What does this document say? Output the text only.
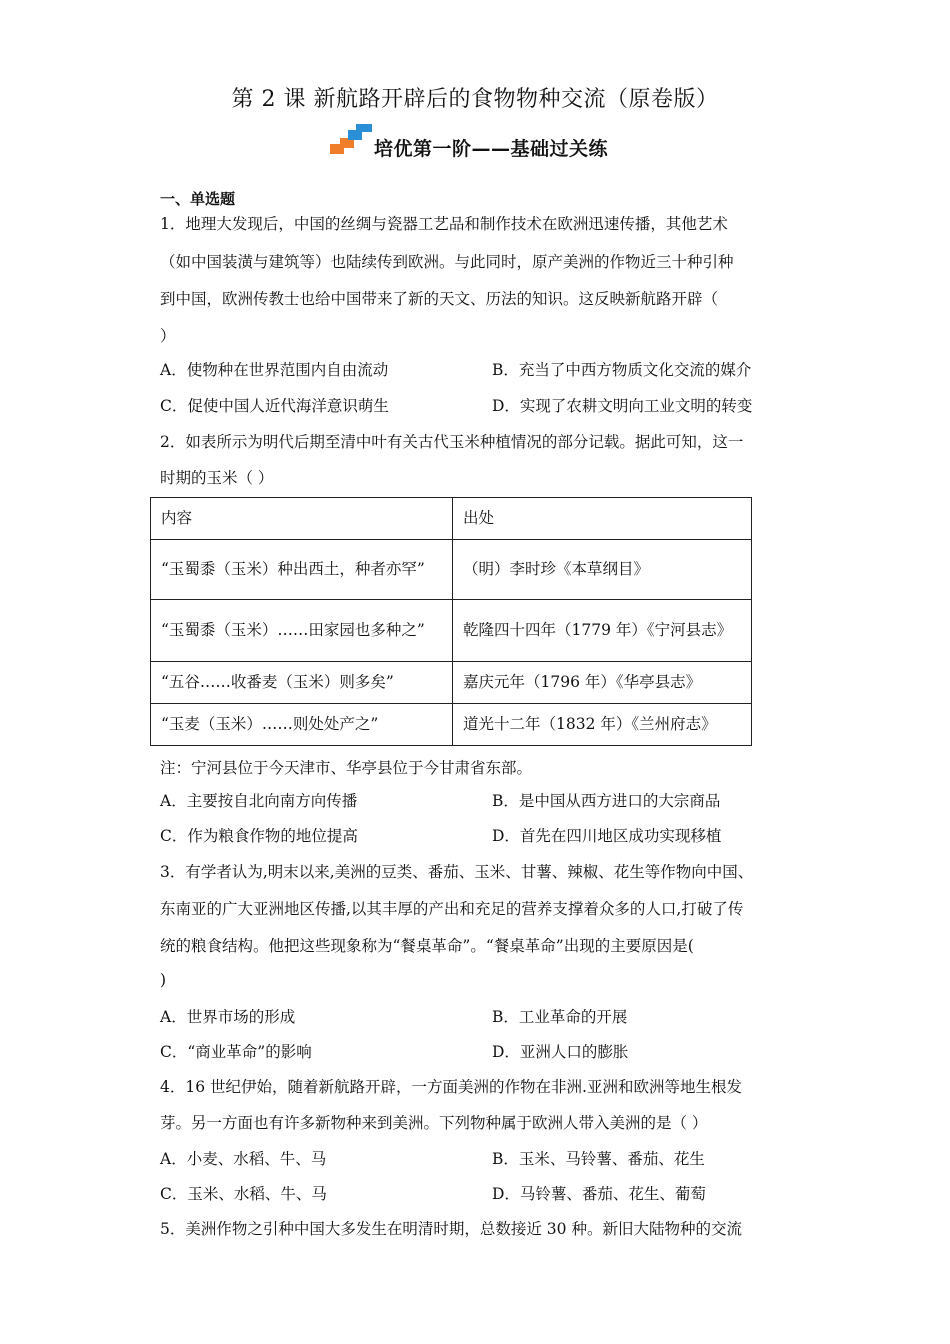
第 2 课 新航路开辟后的食物物种交流（原卷版）
培优第一阶——基础过关练
一、单选题
1．地理大发现后，中国的丝绸与瓷器工艺品和制作技术在欧洲迅速传播，其他艺术
（如中国装潢与建筑等）也陆续传到欧洲。与此同时，原产美洲的作物近三十种引种
到中国，欧洲传教士也给中国带来了新的天文、历法的知识。这反映新航路开辟（
）
A．使物种在世界范围内自由流动	B．充当了中西方物质文化交流的媒介
C．促使中国人近代海洋意识萌生	D．实现了农耕文明向工业文明的转变
2．如表所示为明代后期至清中叶有关古代玉米种植情况的部分记载。据此可知，这一
时期的玉米（ ）
内容	出处
“玉蜀黍（玉米）种出西土，种者亦罕”	（明）李时珍《本草纲目》
“玉蜀黍（玉米）……田家园也多种之”	乾隆四十四年（1779 年）《宁河县志》
“五谷……收番麦（玉米）则多矣”	嘉庆元年（1796 年）《华亭县志》
“玉麦（玉米）……则处处产之”	道光十二年（1832 年）《兰州府志》
注：宁河县位于今天津市、华亭县位于今甘肃省东部。
A．主要按自北向南方向传播	B．是中国从西方进口的大宗商品
C．作为粮食作物的地位提高	D．首先在四川地区成功实现移植
3．有学者认为,明末以来,美洲的豆类、番茄、玉米、甘薯、辣椒、花生等作物向中国、
东南亚的广大亚洲地区传播,以其丰厚的产出和充足的营养支撑着众多的人口,打破了传
统的粮食结构。他把这些现象称为“餐桌革命”。“餐桌革命”出现的主要原因是(
)
A．世界市场的形成	B．工业革命的开展
C．“商业革命”的影响	D．亚洲人口的膨胀
4．16 世纪伊始，随着新航路开辟，一方面美洲的作物在非洲.亚洲和欧洲等地生根发
芽。另一方面也有许多新物种来到美洲。下列物种属于欧洲人带入美洲的是（ ）
A．小麦、水稻、牛、马	B．玉米、马铃薯、番茄、花生
C．玉米、水稻、牛、马	D．马铃薯、番茄、花生、葡萄
5．美洲作物之引种中国大多发生在明清时期，总数接近 30 种。新旧大陆物种的交流
